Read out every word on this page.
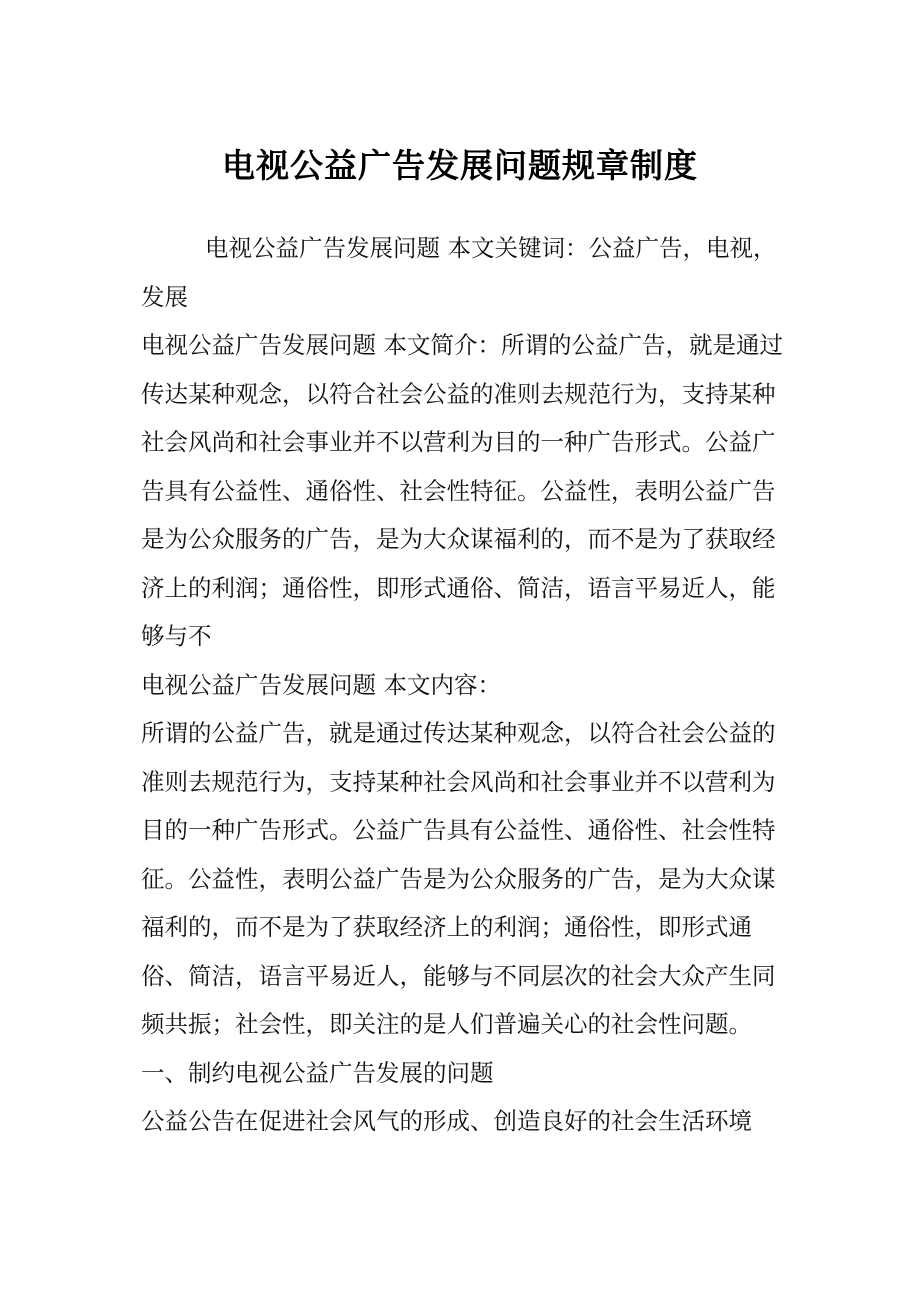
电视公益广告发展问题规章制度

电视公益广告发展问题 本文关键词：公益广告，电视，发展

电视公益广告发展问题 本文简介：所谓的公益广告，就是通过传达某种观念，以符合社会公益的准则去规范行为，支持某种社会风尚和社会事业并不以营利为目的一种广告形式。公益广告具有公益性、通俗性、社会性特征。公益性，表明公益广告是为公众服务的广告，是为大众谋福利的，而不是为了获取经济上的利润；通俗性，即形式通俗、简洁，语言平易近人，能够与不

电视公益广告发展问题 本文内容：

所谓的公益广告，就是通过传达某种观念，以符合社会公益的准则去规范行为，支持某种社会风尚和社会事业并不以营利为目的一种广告形式。公益广告具有公益性、通俗性、社会性特征。公益性，表明公益广告是为公众服务的广告，是为大众谋福利的，而不是为了获取经济上的利润；通俗性，即形式通俗、简洁，语言平易近人，能够与不同层次的社会大众产生同频共振；社会性，即关注的是人们普遍关心的社会性问题。

一、制约电视公益广告发展的问题

公益公告在促进社会风气的形成、创造良好的社会生活环境
